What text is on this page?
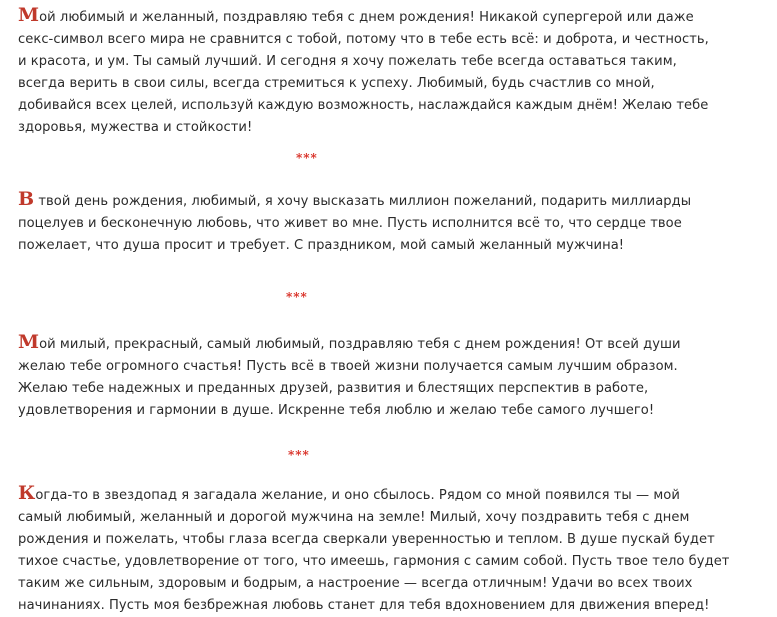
Мой любимый и желанный, поздравляю тебя с днем рождения! Никакой супергерой или даже
секс-символ всего мира не сравнится с тобой, потому что в тебе есть всё: и доброта, и честность,
и красота, и ум. Ты самый лучший. И сегодня я хочу пожелать тебе всегда оставаться таким,
всегда верить в свои силы, всегда стремиться к успеху. Любимый, будь счастлив со мной,
добивайся всех целей, используй каждую возможность, наслаждайся каждым днём! Желаю тебе
здоровья, мужества и стойкости!

***

В твой день рождения, любимый, я хочу высказать миллион пожеланий, подарить миллиарды
поцелуев и бесконечную любовь, что живет во мне. Пусть исполнится всё то, что сердце твое
пожелает, что душа просит и требует. С праздником, мой самый желанный мужчина!

***

Мой милый, прекрасный, самый любимый, поздравляю тебя с днем рождения! От всей души
желаю тебе огромного счастья! Пусть всё в твоей жизни получается самым лучшим образом.
Желаю тебе надежных и преданных друзей, развития и блестящих перспектив в работе,
удовлетворения и гармонии в душе. Искренне тебя люблю и желаю тебе самого лучшего!

***

Когда-то в звездопад я загадала желание, и оно сбылось. Рядом со мной появился ты — мой
самый любимый, желанный и дорогой мужчина на земле! Милый, хочу поздравить тебя с днем
рождения и пожелать, чтобы глаза всегда сверкали уверенностью и теплом. В душе пускай будет
тихое счастье, удовлетворение от того, что имеешь, гармония с самим собой. Пусть твое тело будет
таким же сильным, здоровым и бодрым, а настроение — всегда отличным! Удачи во всех твоих
начинаниях. Пусть моя безбрежная любовь станет для тебя вдохновением для движения вперед!
